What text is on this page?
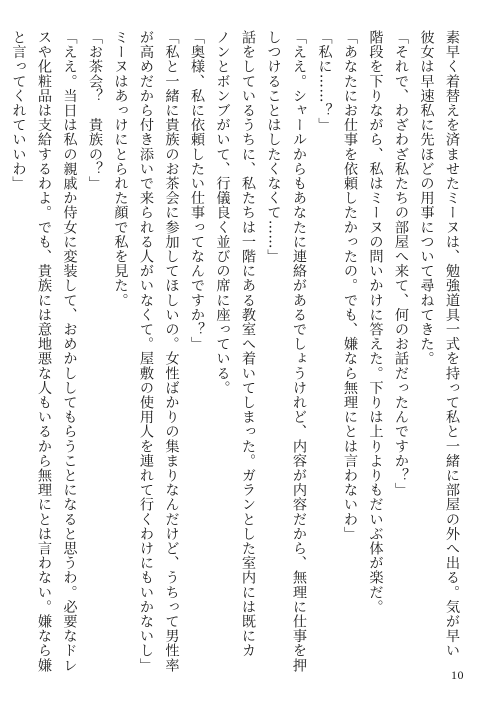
素早く着替えを済ませたミーヌは、勉強道具一式を持って私と一緒に部屋の外へ出る。気が早い
彼女は早速私に先ほどの用事について尋ねてきた。
「それで、わざわざ私たちの部屋へ来て、何のお話だったんですか？」
階段を下りながら、私はミーヌの問いかけに答えた。下りは上りよりもだいぶ体が楽だ。
「あなたにお仕事を依頼したかったの。でも、嫌なら無理にとは言わないわ」
「私に……？」
「ええ。シャールからもあなたに連絡があるでしょうけれど、内容が内容だから、無理に仕事を押
しつけることはしたくなくて……」
話をしているうちに、私たちは一階にある教室へ着いてしまった。ガランとした室内には既にカ
ノンとボンブがいて、行儀良く並びの席に座っている。
「奥様、私に依頼したい仕事ってなんですか？」
「私と一緒に貴族のお茶会に参加してほしいの。女性ばかりの集まりなんだけど、うちって男性率
が高めだから付き添いで来られる人がいなくて。屋敷の使用人を連れて行くわけにもいかないし」
ミーヌはあっけにとられた顔で私を見た。
「お茶会？　貴族の？」
「ええ。当日は私の親戚か侍女に変装して、おめかししてもらうことになると思うわ。必要なドレ
スや化粧品は支給するわよ。でも、貴族には意地悪な人もいるから無理にとは言わない。嫌なら嫌
と言ってくれていいわ」
10
